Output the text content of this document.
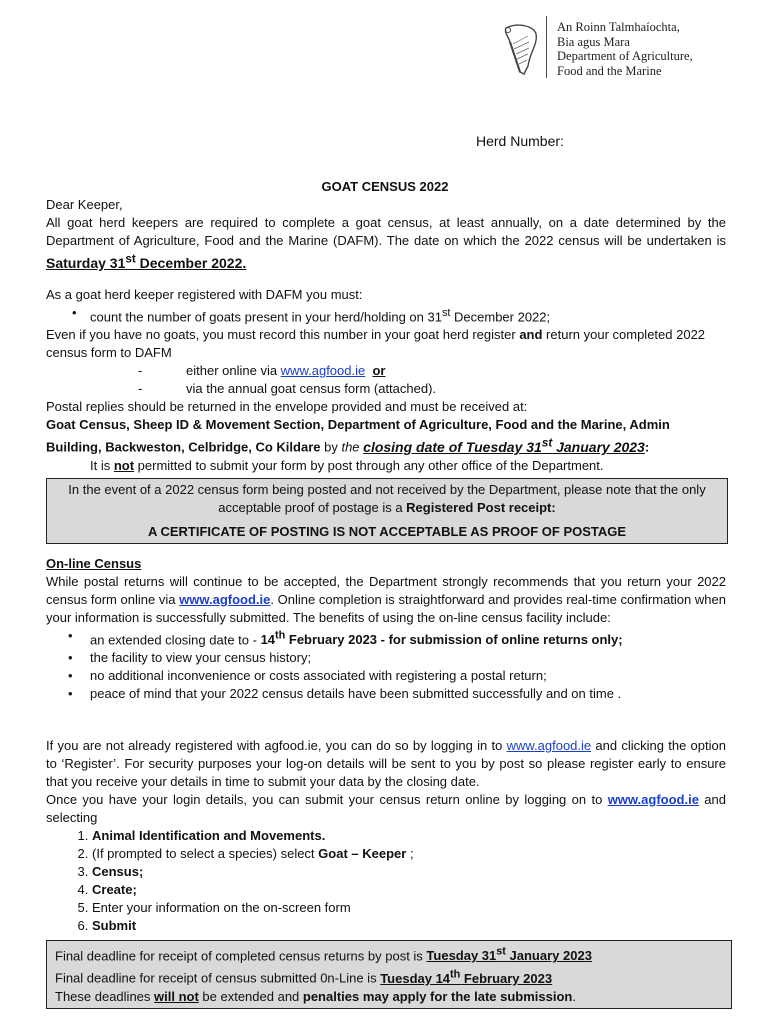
An Roinn Talmhaíochta,
Bia agus Mara
Department of Agriculture,
Food and the Marine
Herd Number:
GOAT CENSUS 2022

Dear Keeper,

All goat herd keepers are required to complete a goat census, at least annually, on a date determined by the Department of Agriculture, Food and the Marine (DAFM). The date on which the 2022 census will be undertaken is Saturday 31st December 2022.

As a goat herd keeper registered with DAFM you must:

• count the number of goats present in your herd/holding on 31st December 2022;

Even if you have no goats, you must record this number in your goat herd register and return your completed 2022 census form to DAFM

-	either online via www.agfood.ie or
-	via the annual goat census form (attached).

Postal replies should be returned in the envelope provided and must be received at:

Goat Census, Sheep ID & Movement Section, Department of Agriculture, Food and the Marine, Admin Building, Backweston, Celbridge, Co Kildare by the closing date of Tuesday 31st January 2023:

It is not permitted to submit your form by post through any other office of the Department.

In the event of a 2022 census form being posted and not received by the Department, please note that the only acceptable proof of postage is a Registered Post receipt:

A CERTIFICATE OF POSTING IS NOT ACCEPTABLE AS PROOF OF POSTAGE

On-line Census

While postal returns will continue to be accepted, the Department strongly recommends that you return your 2022 census form online via www.agfood.ie. Online completion is straightforward and provides real-time confirmation when your information is successfully submitted. The benefits of using the on-line census facility include:

• an extended closing date to - 14th February 2023 - for submission of online returns only;
• the facility to view your census history;
• no additional inconvenience or costs associated with registering a postal return;
• peace of mind that your 2022 census details have been submitted successfully and on time .

If you are not already registered with agfood.ie, you can do so by logging in to www.agfood.ie and clicking the option to ‘Register’. For security purposes your log-on details will be sent to you by post so please register early to ensure that you receive your details in time to submit your data by the closing date.

Once you have your login details, you can submit your census return online by logging on to www.agfood.ie and selecting

1. Animal Identification and Movements.
2. (If prompted to select a species) select Goat – Keeper ;
3. Census;
4. Create;
5. Enter your information on the on-screen form
6. Submit

Final deadline for receipt of completed census returns by post is Tuesday 31st January 2023

Final deadline for receipt of census submitted 0n-Line is Tuesday 14th February 2023

These deadlines will not be extended and penalties may apply for the late submission.
